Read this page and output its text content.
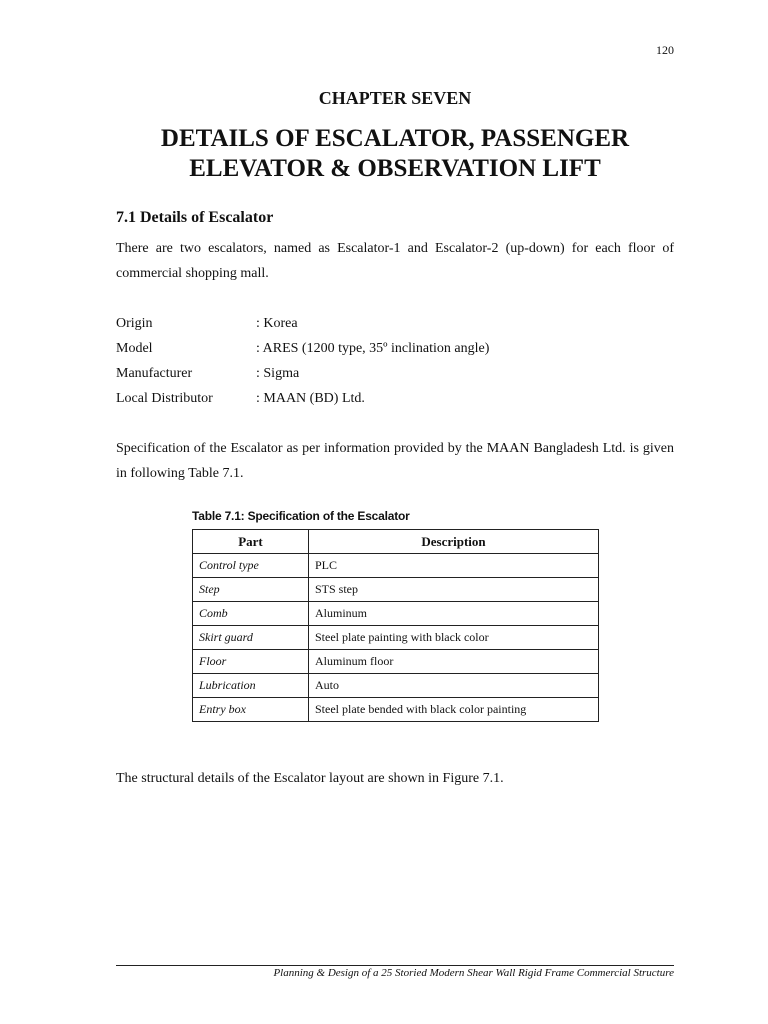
120
CHAPTER SEVEN
DETAILS OF ESCALATOR, PASSENGER
ELEVATOR & OBSERVATION LIFT
7.1 Details of Escalator
There are two escalators, named as Escalator-1 and Escalator-2 (up-down) for each floor of commercial shopping mall.
Origin	: Korea
Model	: ARES (1200 type, 35º inclination angle)
Manufacturer	: Sigma
Local Distributor	: MAAN (BD) Ltd.
Specification of the Escalator as per information provided by the MAAN Bangladesh Ltd. is given in following Table 7.1.
Table 7.1: Specification of the Escalator
Part	Description
Control type	PLC
Step	STS step
Comb	Aluminum
Skirt guard	Steel plate painting with black color
Floor	Aluminum floor
Lubrication	Auto
Entry box	Steel plate bended with black color painting
The structural details of the Escalator layout are shown in Figure 7.1.
Planning & Design of a 25 Storied Modern Shear Wall Rigid Frame Commercial Structure
